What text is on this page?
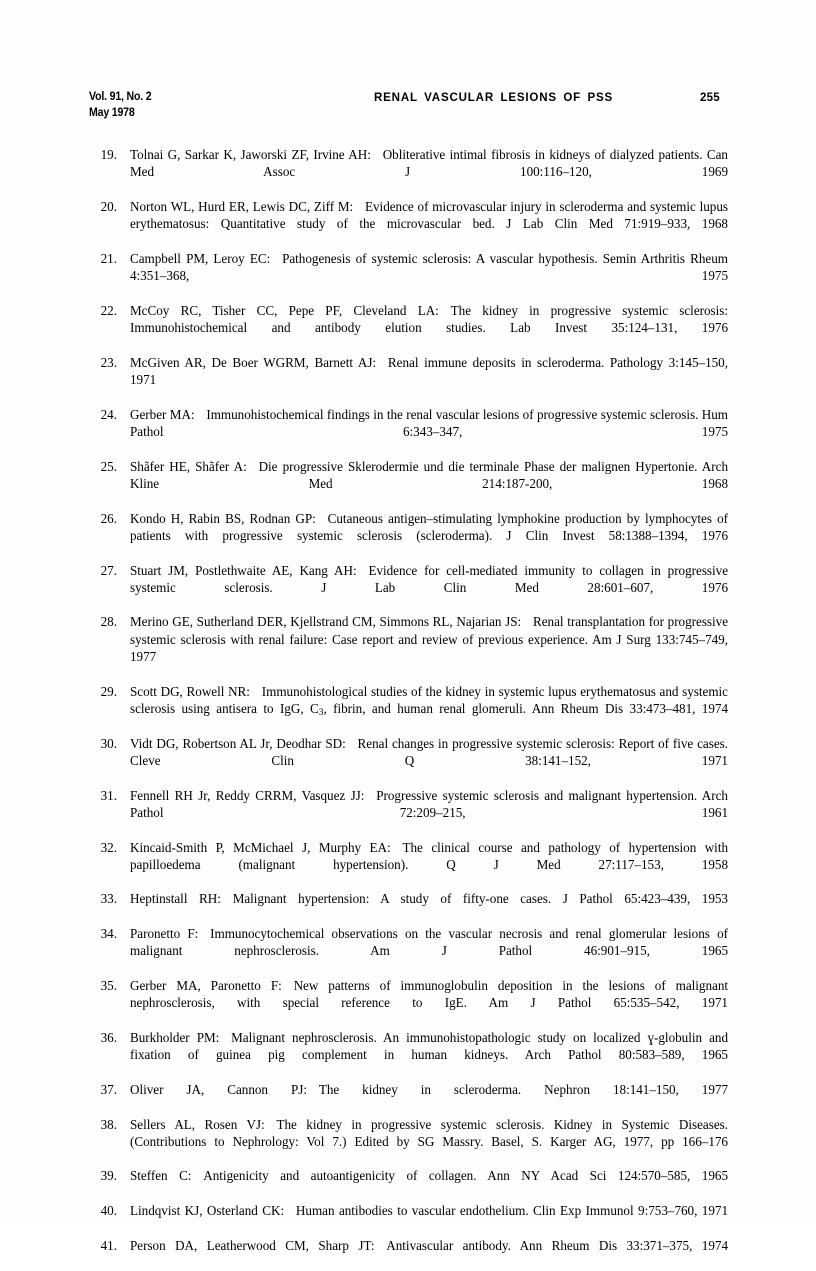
Vol. 91, No. 2
May 1978
RENAL VASCULAR LESIONS OF PSS	255
19. Tolnai G, Sarkar K, Jaworski ZF, Irvine AH: Obliterative intimal fibrosis in kidneys of dialyzed patients. Can Med Assoc J 100:116–120, 1969
20. Norton WL, Hurd ER, Lewis DC, Ziff M: Evidence of microvascular injury in scleroderma and systemic lupus erythematosus: Quantitative study of the microvascular bed. J Lab Clin Med 71:919–933, 1968
21. Campbell PM, Leroy EC: Pathogenesis of systemic sclerosis: A vascular hypothesis. Semin Arthritis Rheum 4:351–368, 1975
22. McCoy RC, Tisher CC, Pepe PF, Cleveland LA: The kidney in progressive systemic sclerosis: Immunohistochemical and antibody elution studies. Lab Invest 35:124–131, 1976
23. McGiven AR, De Boer WGRM, Barnett AJ: Renal immune deposits in scleroderma. Pathology 3:145–150, 1971
24. Gerber MA: Immunohistochemical findings in the renal vascular lesions of progressive systemic sclerosis. Hum Pathol 6:343–347, 1975
25. Shãfer HE, Shãfer A: Die progressive Sklerodermie und die terminale Phase der malignen Hypertonie. Arch Kline Med 214:187-200, 1968
26. Kondo H, Rabin BS, Rodnan GP: Cutaneous antigen–stimulating lymphokine production by lymphocytes of patients with progressive systemic sclerosis (scleroderma). J Clin Invest 58:1388–1394, 1976
27. Stuart JM, Postlethwaite AE, Kang AH: Evidence for cell-mediated immunity to collagen in progressive systemic sclerosis. J Lab Clin Med 28:601–607, 1976
28. Merino GE, Sutherland DER, Kjellstrand CM, Simmons RL, Najarian JS: Renal transplantation for progressive systemic sclerosis with renal failure: Case report and review of previous experience. Am J Surg 133:745–749, 1977
29. Scott DG, Rowell NR: Immunohistological studies of the kidney in systemic lupus erythematosus and systemic sclerosis using antisera to IgG, $C_3$, fibrin, and human renal glomeruli. Ann Rheum Dis 33:473–481, 1974
30. Vidt DG, Robertson AL Jr, Deodhar SD: Renal changes in progressive systemic sclerosis: Report of five cases. Cleve Clin Q 38:141–152, 1971
31. Fennell RH Jr, Reddy CRRM, Vasquez JJ: Progressive systemic sclerosis and malignant hypertension. Arch Pathol 72:209–215, 1961
32. Kincaid-Smith P, McMichael J, Murphy EA: The clinical course and pathology of hypertension with papilloedema (malignant hypertension). Q J Med 27:117–153, 1958
33. Heptinstall RH: Malignant hypertension: A study of fifty-one cases. J Pathol 65:423–439, 1953
34. Paronetto F: Immunocytochemical observations on the vascular necrosis and renal glomerular lesions of malignant nephrosclerosis. Am J Pathol 46:901–915, 1965
35. Gerber MA, Paronetto F: New patterns of immunoglobulin deposition in the lesions of malignant nephrosclerosis, with special reference to IgE. Am J Pathol 65:535–542, 1971
36. Burkholder PM: Malignant nephrosclerosis. An immunohistopathologic study on localized ɣ-globulin and fixation of guinea pig complement in human kidneys. Arch Pathol 80:583–589, 1965
37. Oliver JA, Cannon PJ: The kidney in scleroderma. Nephron 18:141–150, 1977
38. Sellers AL, Rosen VJ: The kidney in progressive systemic sclerosis. Kidney in Systemic Diseases. (Contributions to Nephrology: Vol 7.) Edited by SG Massry. Basel, S. Karger AG, 1977, pp 166–176
39. Steffen C: Antigenicity and autoantigenicity of collagen. Ann NY Acad Sci 124:570–585, 1965
40. Lindqvist KJ, Osterland CK: Human antibodies to vascular endothelium. Clin Exp Immunol 9:753–760, 1971
41. Person DA, Leatherwood CM, Sharp JT: Antivascular antibody. Ann Rheum Dis 33:371–375, 1974
